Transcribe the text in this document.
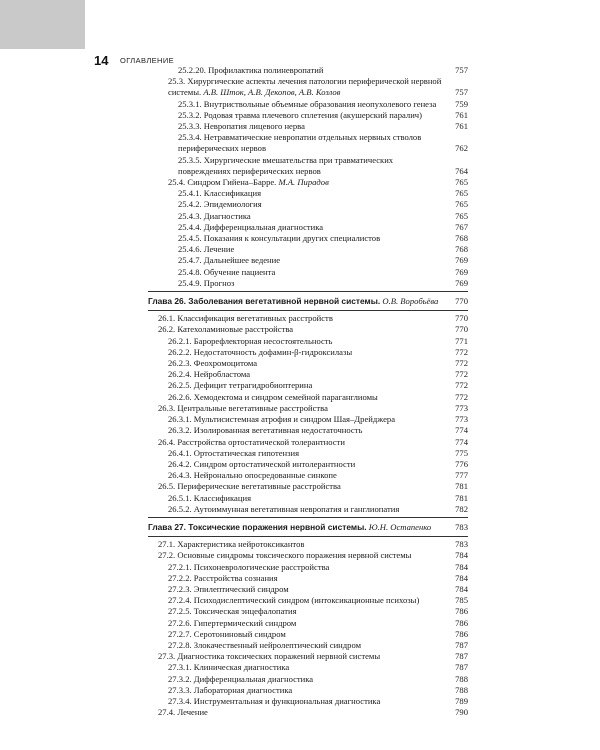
14 ОГЛАВЛЕНИЕ
25.2.20. Профилактика полиневропатий	757
25.3. Хирургические аспекты лечения патологии периферической нервной системы. А.В. Шток, А.В. Декопов, А.В. Козлов	757
25.3.1. Внутриствольные объемные образования неопухолевого генеза	759
25.3.2. Родовая травма плечевого сплетения (акушерский паралич)	761
25.3.3. Невропатия лицевого нерва	761
25.3.4. Нетравматические невропатии отдельных нервных стволов периферических нервов	762
25.3.5. Хирургические вмешательства при травматических повреждениях периферических нервов	764
25.4. Синдром Гийена–Барре. М.А. Пирадов	765
25.4.1. Классификация	765
25.4.2. Эпидемиология	765
25.4.3. Диагностика	765
25.4.4. Дифференциальная диагностика	767
25.4.5. Показания к консультации других специалистов	768
25.4.6. Лечение	768
25.4.7. Дальнейшее ведение	769
25.4.8. Обучение пациента	769
25.4.9. Прогноз	769
Глава 26. Заболевания вегетативной нервной системы. О.В. Воробьёва	770
26.1. Классификация вегетативных расстройств	770
26.2. Катехоламиновые расстройства	770
26.2.1. Барорефлекторная несостоятельность	771
26.2.2. Недостаточность дофамин-β-гидроксилазы	772
26.2.3. Феохромоцитома	772
26.2.4. Нейробластома	772
26.2.5. Дефицит тетрагидробиоптерина	772
26.2.6. Хемодектома и синдром семейной параганглиомы	772
26.3. Центральные вегетативные расстройства	773
26.3.1. Мультисистемная атрофия и синдром Шая–Дрейджера	773
26.3.2. Изолированная вегетативная недостаточность	774
26.4. Расстройства ортостатической толерантности	774
26.4.1. Ортостатическая гипотензия	775
26.4.2. Синдром ортостатической интолерантности	776
26.4.3. Нейронально опосредованные синкопе	777
26.5. Периферические вегетативные расстройства	781
26.5.1. Классификация	781
26.5.2. Аутоиммунная вегетативная невропатия и ганглиопатия	782
Глава 27. Токсические поражения нервной системы. Ю.Н. Остапенко	783
27.1. Характеристика нейротоксикантов	783
27.2. Основные синдромы токсического поражения нервной системы	784
27.2.1. Психоневрологические расстройства	784
27.2.2. Расстройства сознания	784
27.2.3. Эпилептический синдром	784
27.2.4. Психодислептический синдром (интоксикационные психозы)	785
27.2.5. Токсическая энцефалопатия	786
27.2.6. Гипертермический синдром	786
27.2.7. Серотониновый синдром	786
27.2.8. Злокачественный нейролептический синдром	787
27.3. Диагностика токсических поражений нервной системы	787
27.3.1. Клиническая диагностика	787
27.3.2. Дифференциальная диагностика	788
27.3.3. Лабораторная диагностика	788
27.3.4. Инструментальная и функциональная диагностика	789
27.4. Лечение	790
